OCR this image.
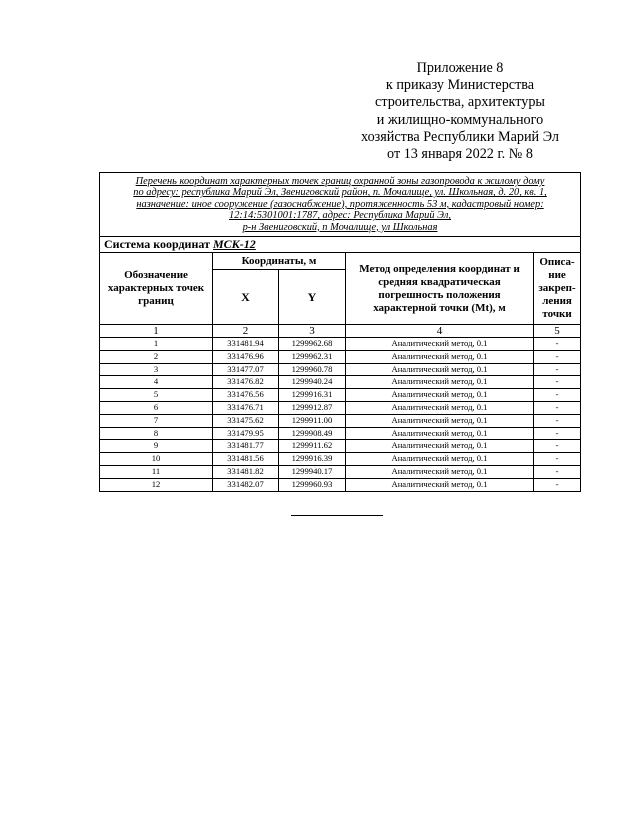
Приложение 8
к приказу Министерства
строительства, архитектуры
и жилищно-коммунального
хозяйства Республики Марий Эл
от 13 января 2022 г. № 8
Перечень координат характерных точек границ охранной зоны газопровода к жилому дому
по адресу: республика Марий Эл, Звениговский район, п. Мочалище, ул. Школьная, д. 20, кв. 1,
назначение: иное сооружение (газоснабжение), протяженность 53 м, кадастровый номер:
12:14:5301001:1787, адрес: Республика Марий Эл,
р-н Звениговский, п Мочалище, ул Школьная				

Система координат МСК-12				
Обозначение характерных точек границ	Координаты, м		Метод определения координат и средняя квадратическая погрешность положения характерной точки (Mt), м	Описа-ние закреп-ления точки
	X	Y		
1	2	3	4	5
1	331481.94	1299962.68	Аналитический метод, 0.1	-
2	331476.96	1299962.31	Аналитический метод, 0.1	-
3	331477.07	1299960.78	Аналитический метод, 0.1	-
4	331476.82	1299940.24	Аналитический метод, 0.1	-
5	331476.56	1299916.31	Аналитический метод, 0.1	-
6	331476.71	1299912.87	Аналитический метод, 0.1	-
7	331475.62	1299911.00	Аналитический метод, 0.1	-
8	331479.95	1299908.49	Аналитический метод, 0.1	-
9	331481.77	1299911.62	Аналитический метод, 0.1	-
10	331481.56	1299916.39	Аналитический метод, 0.1	-
11	331481.82	1299940.17	Аналитический метод, 0.1	-
12	331482.07	1299960.93	Аналитический метод, 0.1	-
